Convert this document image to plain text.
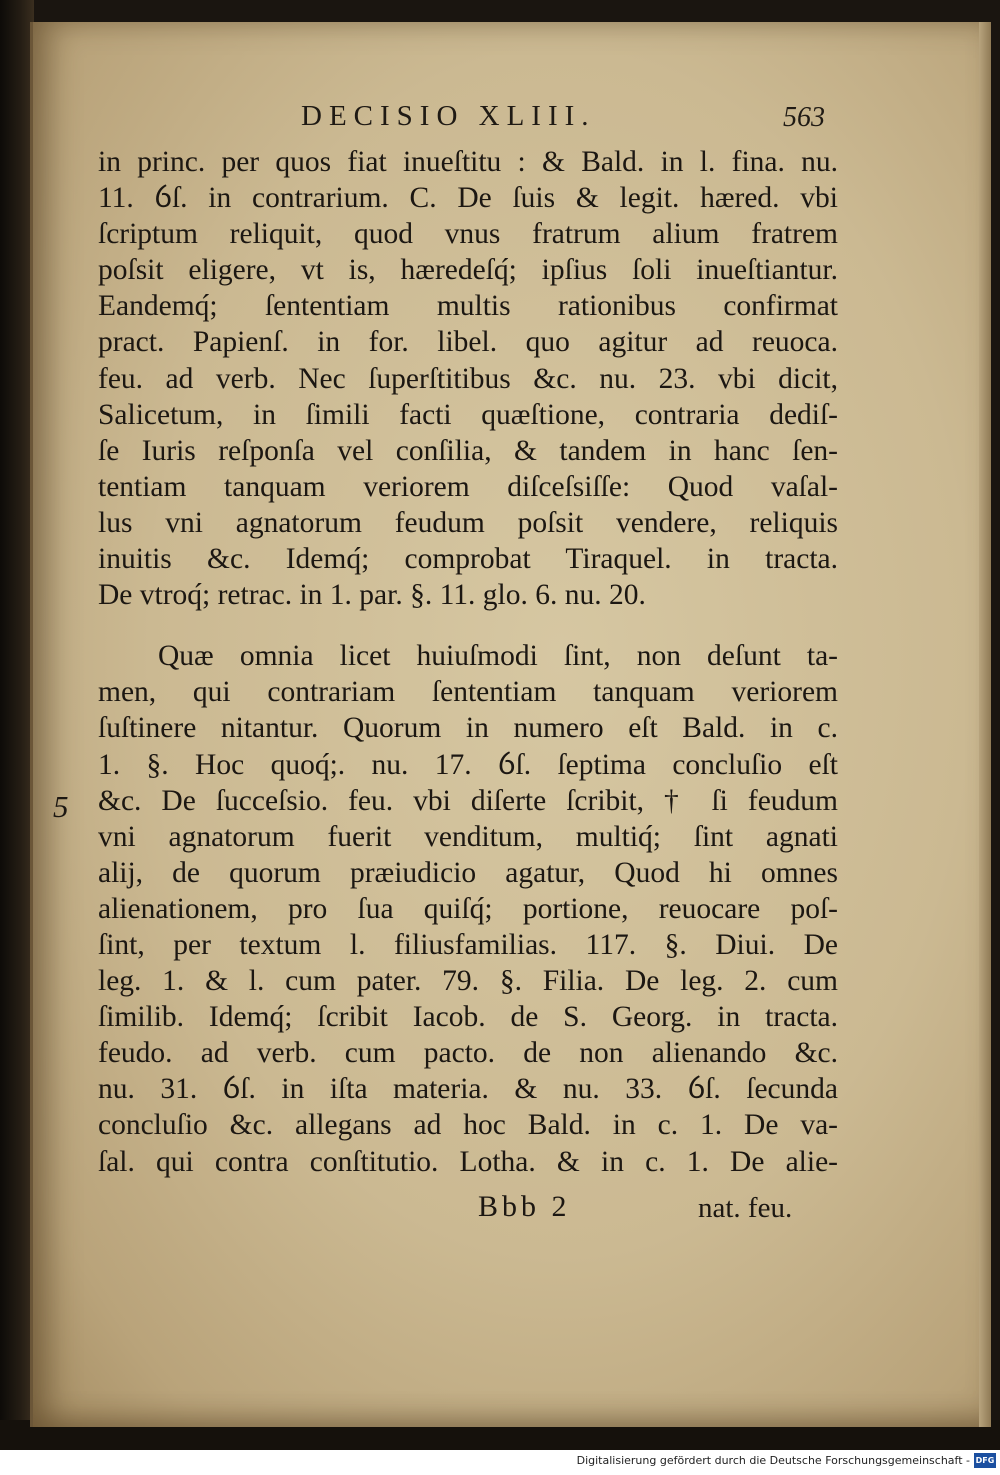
DECISIO XLIII.	563
5
in princ. per quos fiat inueſtitu : & Bald. in l. fina. nu.
11. ỽſ. in contrarium. C. De ſuis & legit. hæred. vbi
ſcriptum reliquit, quod vnus fratrum alium fratrem
poſsit eligere, vt is, hæredeſq́; ipſius ſoli inueſtiantur.
Eandemq́; ſententiam multis rationibus confirmat
pract. Papienſ. in for. libel. quo agitur ad reuoca.
feu. ad verb. Nec ſuperſtitibus &c. nu. 23. vbi dicit,
Salicetum, in ſimili facti quæſtione, contraria dediſ-
ſe Iuris reſponſa vel conſilia, & tandem in hanc ſen-
tentiam tanquam veriorem diſceſsiſſe: Quod vaſal-
lus vni agnatorum feudum poſsit vendere, reliquis
inuitis &c. Idemq́; comprobat Tiraquel. in tracta.
De vtroq́; retrac. in 1. par. §. 11. glo. 6. nu. 20.
Quæ omnia licet huiuſmodi ſint, non deſunt ta-
men, qui contrariam ſententiam tanquam veriorem
ſuſtinere nitantur. Quorum in numero eſt Bald. in c.
1. §. Hoc quoq́;. nu. 17. ỽſ. ſeptima concluſio eſt
&c. De ſucceſsio. feu. vbi diſerte ſcribit, † ſi feudum
vni agnatorum fuerit venditum, multiq́; ſint agnati
alij, de quorum præiudicio agatur, Quod hi omnes
alienationem, pro ſua quiſq́; portione, reuocare poſ-
ſint, per textum l. filiusfamilias. 117. §. Diui. De
leg. 1. & l. cum pater. 79. §. Filia. De leg. 2. cum
ſimilib. Idemq́; ſcribit Iacob. de S. Georg. in tracta.
feudo. ad verb. cum pacto. de non alienando &c.
nu. 31. ỽſ. in iſta materia. & nu. 33. ỽſ. ſecunda
concluſio &c. allegans ad hoc Bald. in c. 1. De va-
ſal. qui contra conſtitutio. Lotha. & in c. 1. De alie-
Bbb 2	nat. feu.
Digitalisierung gefördert durch die Deutsche Forschungsgemeinschaft - DFG
